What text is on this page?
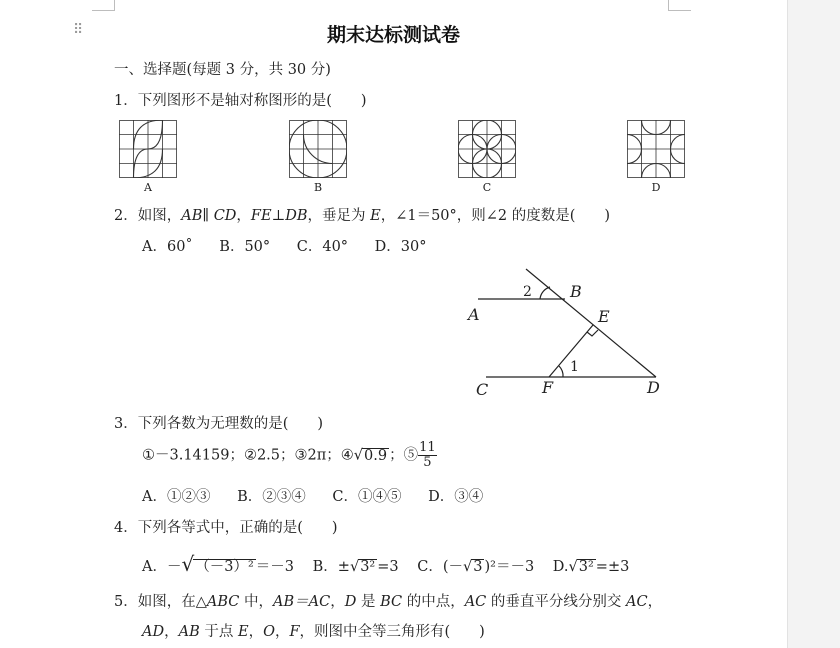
⠿	期末达标测试卷
一、选择题(每题 3 分，共 30 分)
1．下列图形不是轴对称图形的是(　　)
A	B	C	D
2．如图，AB∥ CD，FE⊥DB，垂足为 E，∠1＝50°，则∠2 的度数是(　　)
A．60˚ B．50° C．40° D．30°
A
B
C	D
E
F
2
1
3．下列各数为无理数的是(　　)
①－3.14159；②2.5；③2π；④√0.9 ；⑤ $\frac{11}{5}$
A．①②③ B．②③④ C．①④⑤ D．③④
4．下列各等式中，正确的是(　　)
A．－√（－3）² ＝－3 B．±√3² =3 C．(－√3 )²＝－3 D.√3² =±3
5．如图，在△ABC 中，AB＝AC，D 是 BC 的中点，AC 的垂直平分线分别交 AC，
AD，AB 于点 E，O，F，则图中全等三角形有(　　)
